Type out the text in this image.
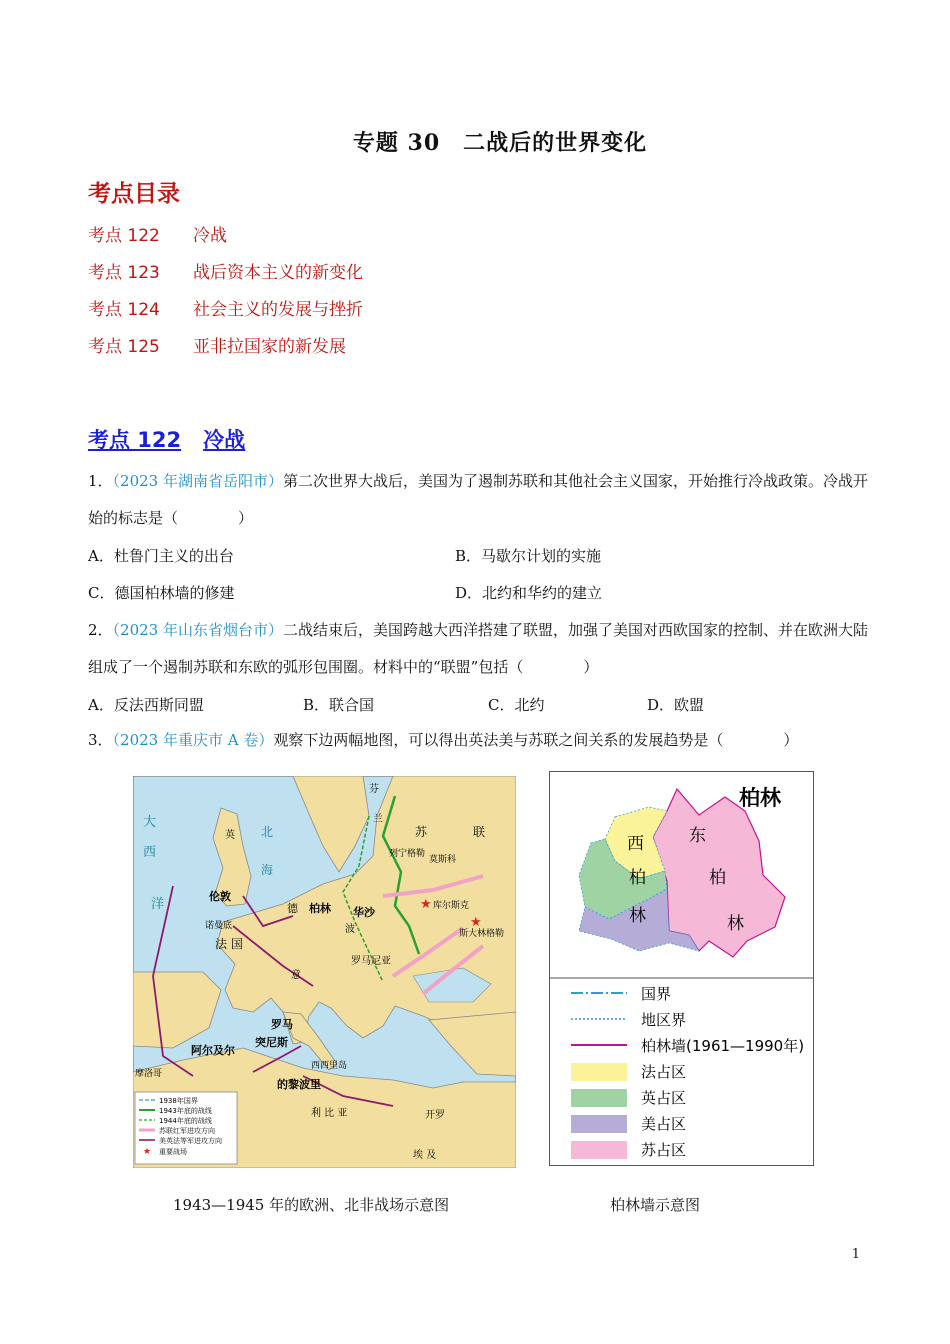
专题 30　二战后的世界变化
考点目录
考点 122 冷战
考点 123 战后资本主义的新变化
考点 124 社会主义的发展与挫折
考点 125 亚非拉国家的新发展
考点 122 冷战
1．（2023 年湖南省岳阳市）第二次世界大战后，美国为了遏制苏联和其他社会主义国家，开始推行冷战政策。冷战开始的标志是（　　　　）
A．杜鲁门主义的出台	B．马歇尔计划的实施
C．德国柏林墙的修建	D．北约和华约的建立
2．（2023 年山东省烟台市）二战结束后，美国跨越大西洋搭建了联盟，加强了美国对西欧国家的控制、并在欧洲大陆组成了一个遏制苏联和东欧的弧形包围圈。材料中的“联盟”包括（　　　　）
A．反法西斯同盟	B．联合国	C．北约	D．欧盟
3．（2023 年重庆市 A 卷）观察下边两幅地图，可以得出英法美与苏联之间关系的发展趋势是（　　　　）
★
★
大
西
洋
北
海
芬
兰
苏	联
列宁格勒
莫斯科
库尔斯克
斯大林格勒
英
伦敦
诺曼底
法 国
柏林 华沙
德
波
罗马尼亚
意
罗马
阿尔及尔
突尼斯
西西里岛
摩洛哥
的黎波里
利 比 亚	开罗
埃 及
★
1938年国界
1943年底的战线
1944年底的战线
苏联红军进攻方向
美英法等军进攻方向
重要战场
柏林
西
柏
林
东
柏
林
国界
地区界
柏林墙(1961—1990年)
法占区
英占区
美占区
苏占区
1943—1945 年的欧洲、北非战场示意图	柏林墙示意图
1
